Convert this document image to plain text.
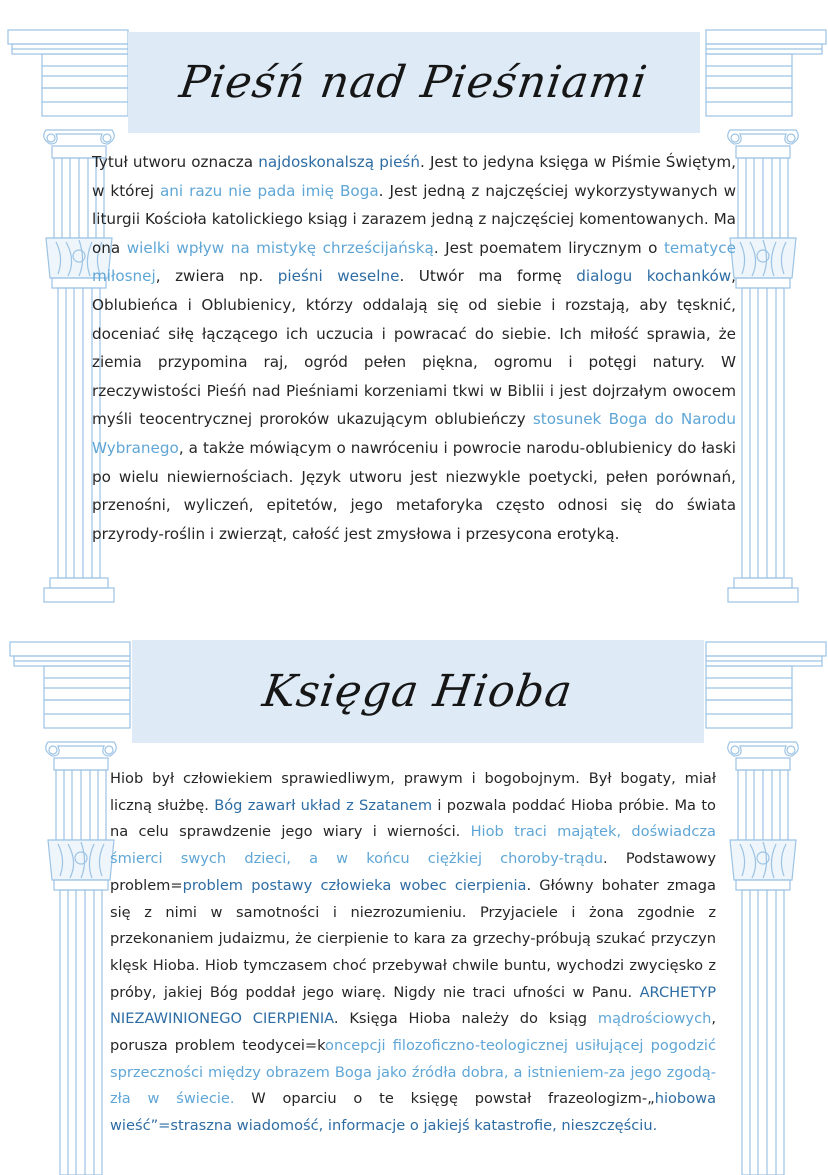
Pieśń nad Pieśniami

Tytuł utworu oznacza najdoskonalszą pieśń. Jest to jedyna księga w Piśmie Świętym, w której ani razu nie pada imię Boga. Jest jedną z najczęściej wykorzystywanych w liturgii Kościoła katolickiego ksiąg i zarazem jedną z najczęściej komentowanych. Ma ona wielki wpływ na mistykę chrześcijańską. Jest poematem lirycznym o tematyce miłosnej, zwiera np. pieśni weselne. Utwór ma formę dialogu kochanków, Oblubieńca i Oblubienicy, którzy oddalają się od siebie i rozstają, aby tęsknić, doceniać siłę łączącego ich uczucia i powracać do siebie. Ich miłość sprawia, że ziemia przypomina raj, ogród pełen piękna, ogromu i potęgi natury. W rzeczywistości Pieśń nad Pieśniami korzeniami tkwi w Biblii i jest dojrzałym owocem myśli teocentrycznej proroków ukazującym oblubieńczy stosunek Boga do Narodu Wybranego, a także mówiącym o nawróceniu i powrocie narodu-oblubienicy do łaski po wielu niewiernościach. Język utworu jest niezwykle poetycki, pełen porównań, przenośni, wyliczeń, epitetów, jego metaforyka często odnosi się do świata przyrody-roślin i zwierząt, całość jest zmysłowa i przesycona erotyką.

Księga Hioba

Hiob był człowiekiem sprawiedliwym, prawym i bogobojnym. Był bogaty, miał liczną służbę. Bóg zawarł układ z Szatanem i pozwala poddać Hioba próbie. Ma to na celu sprawdzenie jego wiary i wierności. Hiob traci majątek, doświadcza śmierci swych dzieci, a w końcu ciężkiej choroby-trądu. Podstawowy problem=problem postawy człowieka wobec cierpienia. Główny bohater zmaga się z nimi w samotności i niezrozumieniu. Przyjaciele i żona zgodnie z przekonaniem judaizmu, że cierpienie to kara za grzechy-próbują szukać przyczyn klęsk Hioba. Hiob tymczasem choć przebywał chwile buntu, wychodzi zwycięsko z próby, jakiej Bóg poddał jego wiarę. Nigdy nie traci ufności w Panu. ARCHETYP NIEZAWINIONEGO CIERPIENIA. Księga Hioba należy do ksiąg mądrościowych, porusza problem teodycei=koncepcji filozoficzno-teologicznej usiłującej pogodzić sprzeczności między obrazem Boga jako źródła dobra, a istnieniem-za jego zgodą-zła w świecie. W oparciu o te księgę powstał frazeologizm-„hiobowa wieść”=straszna wiadomość, informacje o jakiejś katastrofie, nieszczęściu.
